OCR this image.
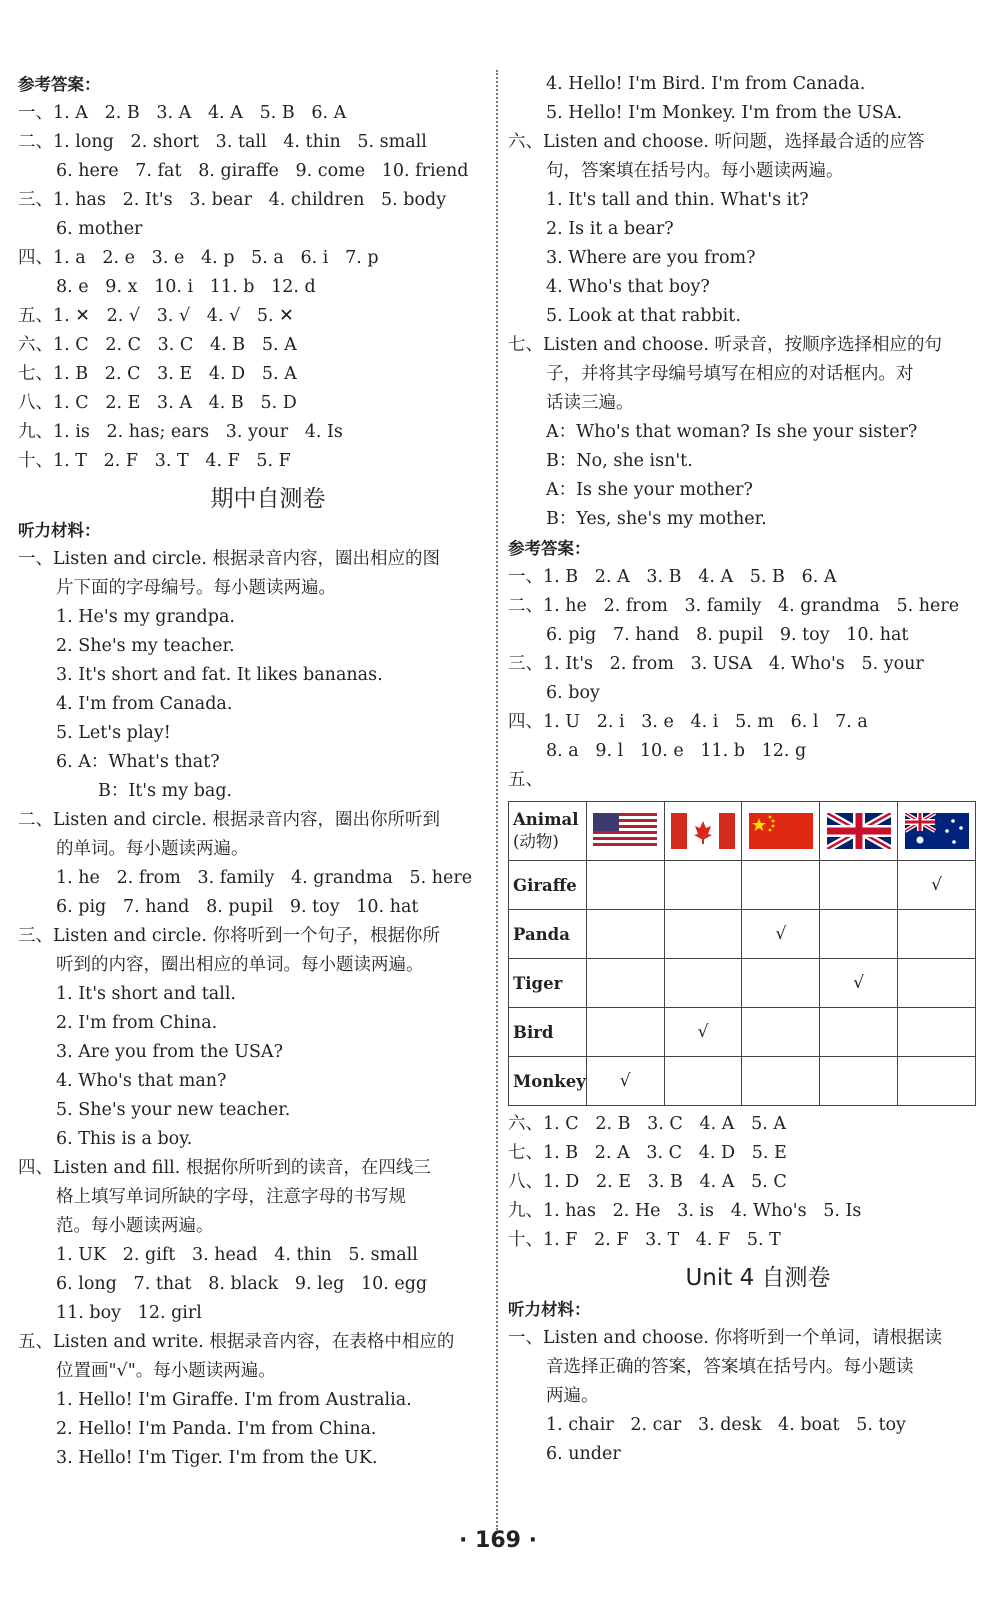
参考答案：
一、1. A   2. B   3. A   4. A   5. B   6. A
二、1. long   2. short   3. tall   4. thin   5. small
6. here   7. fat   8. giraffe   9. come   10. friend
三、1. has   2. It's   3. bear   4. children   5. body
6. mother
四、1. a   2. e   3. e   4. p   5. a   6. i   7. p
8. e   9. x   10. i   11. b   12. d
五、1. ✕   2. √   3. √   4. √   5. ✕
六、1. C   2. C   3. C   4. B   5. A
七、1. B   2. C   3. E   4. D   5. A
八、1. C   2. E   3. A   4. B   5. D
九、1. is   2. has; ears   3. your   4. Is
十、1. T   2. F   3. T   4. F   5. F
期中自测卷
听力材料：
一、Listen and circle. 根据录音内容，圈出相应的图
片下面的字母编号。每小题读两遍。
1. He's my grandpa.
2. She's my teacher.
3. It's short and fat. It likes bananas.
4. I'm from Canada.
5. Let's play!
6. A：What's that?
B：It's my bag.
二、Listen and circle. 根据录音内容，圈出你所听到
的单词。每小题读两遍。
1. he   2. from   3. family   4. grandma   5. here
6. pig   7. hand   8. pupil   9. toy   10. hat
三、Listen and circle. 你将听到一个句子，根据你所
听到的内容，圈出相应的单词。每小题读两遍。
1. It's short and tall.
2. I'm from China.
3. Are you from the USA?
4. Who's that man?
5. She's your new teacher.
6. This is a boy.
四、Listen and fill. 根据你所听到的读音，在四线三
格上填写单词所缺的字母，注意字母的书写规
范。每小题读两遍。
1. UK   2. gift   3. head   4. thin   5. small
6. long   7. that   8. black   9. leg   10. egg
11. boy   12. girl
五、Listen and write. 根据录音内容，在表格中相应的
位置画"√"。每小题读两遍。
1. Hello! I'm Giraffe. I'm from Australia.
2. Hello! I'm Panda. I'm from China.
3. Hello! I'm Tiger. I'm from the UK.
4. Hello! I'm Bird. I'm from Canada.
5. Hello! I'm Monkey. I'm from the USA.
六、Listen and choose. 听问题，选择最合适的应答
句，答案填在括号内。每小题读两遍。
1. It's tall and thin. What's it?
2. Is it a bear?
3. Where are you from?
4. Who's that boy?
5. Look at that rabbit.
七、Listen and choose. 听录音，按顺序选择相应的句
子，并将其字母编号填写在相应的对话框内。对
话读三遍。
A：Who's that woman? Is she your sister?
B：No, she isn't.
A：Is she your mother?
B：Yes, she's my mother.
参考答案：
一、1. B   2. A   3. B   4. A   5. B   6. A
二、1. he   2. from   3. family   4. grandma   5. here
6. pig   7. hand   8. pupil   9. toy   10. hat
三、1. It's   2. from   3. USA   4. Who's   5. your
6. boy
四、1. U   2. i   3. e   4. i   5. m   6. l   7. a
8. a   9. l   10. e   11. b   12. g
五、
Animal
(动物)					
Giraffe					√
Panda			√		
Tiger				√	
Bird		√			
Monkey	√				
六、1. C   2. B   3. C   4. A   5. A
七、1. B   2. A   3. C   4. D   5. E
八、1. D   2. E   3. B   4. A   5. C
九、1. has   2. He   3. is   4. Who's   5. Is
十、1. F   2. F   3. T   4. F   5. T
Unit 4 自测卷
听力材料：
一、Listen and choose. 你将听到一个单词，请根据读
音选择正确的答案，答案填在括号内。每小题读
两遍。
1. chair   2. car   3. desk   4. boat   5. toy
6. under
· 169 ·
